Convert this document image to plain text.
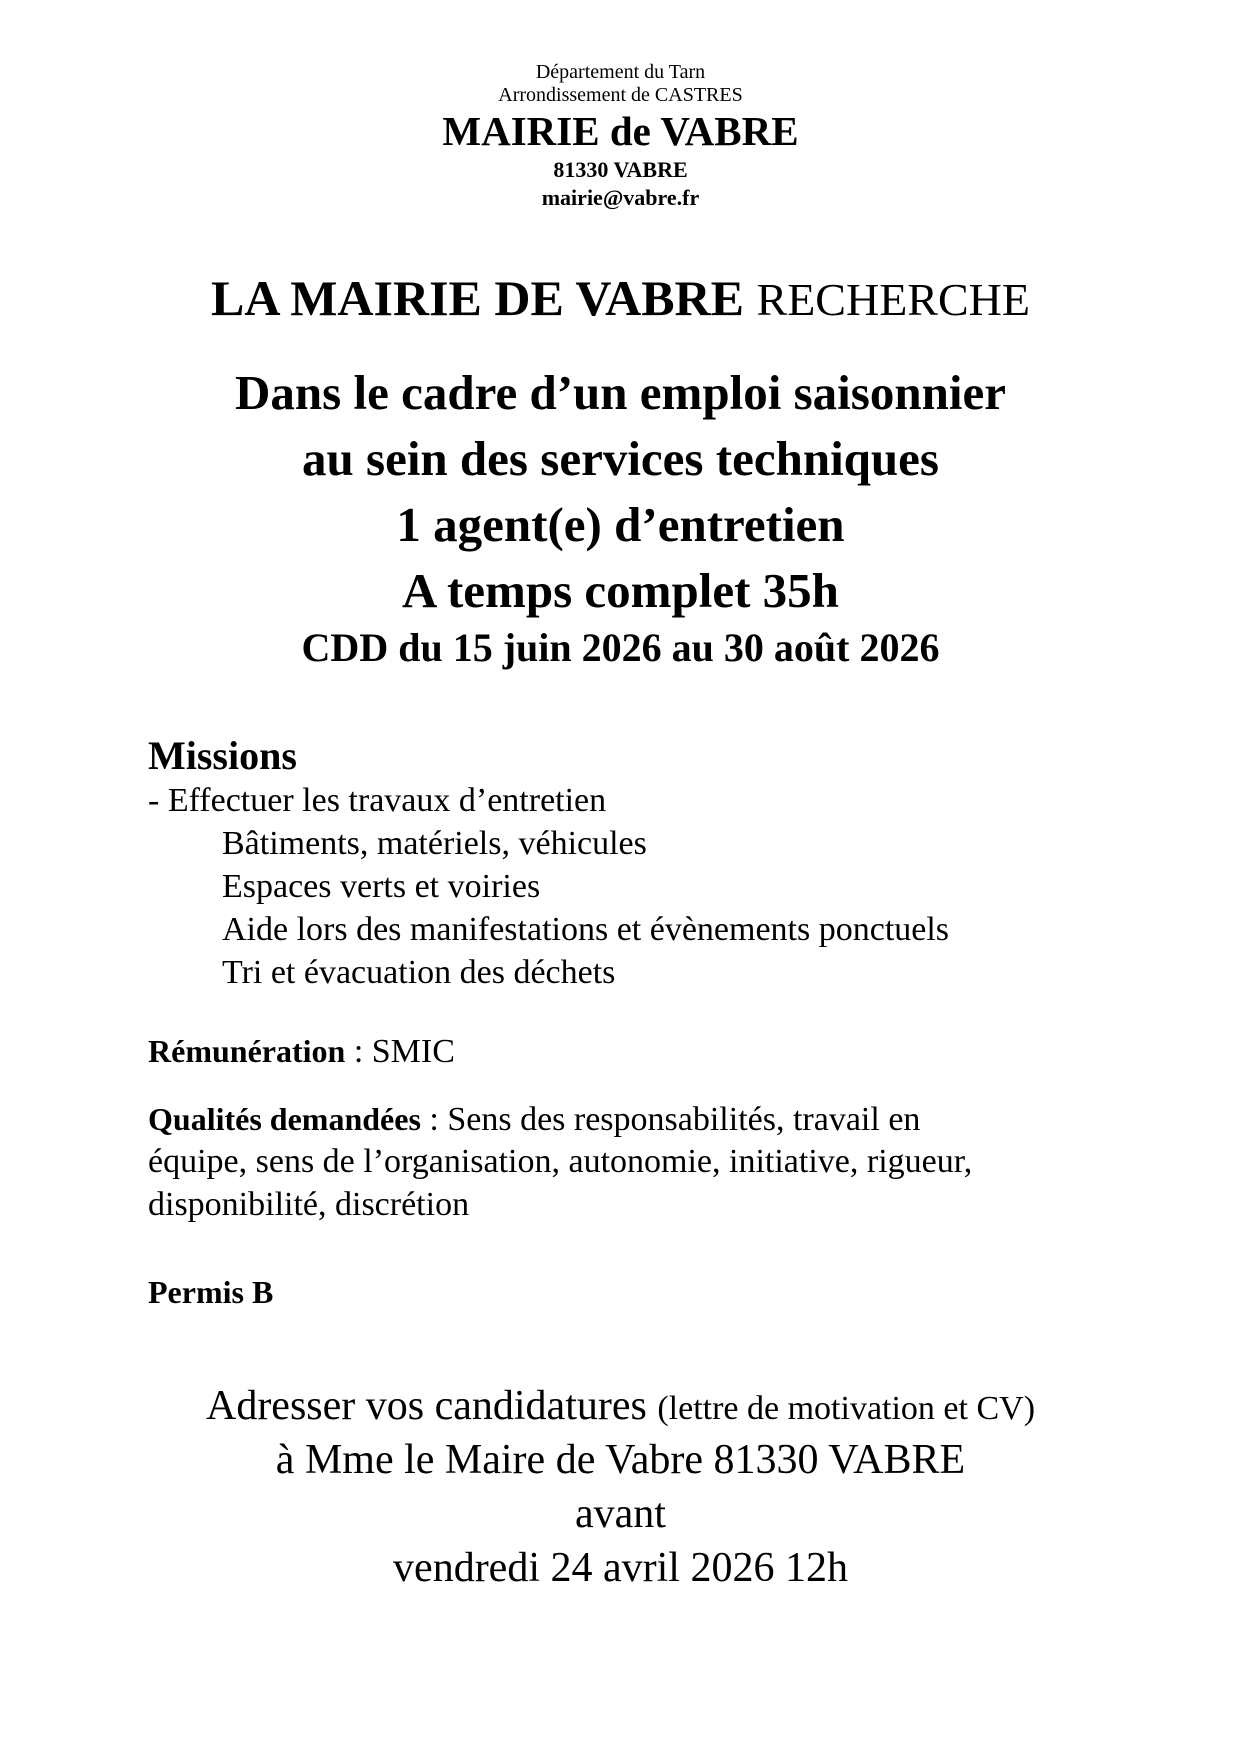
Département du Tarn
Arrondissement de CASTRES
MAIRIE de VABRE
81330 VABRE
mairie@vabre.fr
LA MAIRIE DE VABRE RECHERCHE
Dans le cadre d’un emploi saisonnier
au sein des services techniques
1 agent(e) d’entretien
A temps complet 35h
CDD du 15 juin 2026 au 30 août 2026
Missions
- Effectuer les travaux d’entretien
Bâtiments, matériels, véhicules
Espaces verts et voiries
Aide lors des manifestations et évènements ponctuels
Tri et évacuation des déchets
Rémunération : SMIC
Qualités demandées : Sens des responsabilités, travail en
équipe, sens de l’organisation, autonomie, initiative, rigueur,
disponibilité, discrétion
Permis B
Adresser vos candidatures (lettre de motivation et CV)
à Mme le Maire de Vabre 81330 VABRE
avant
vendredi 24 avril 2026 12h
